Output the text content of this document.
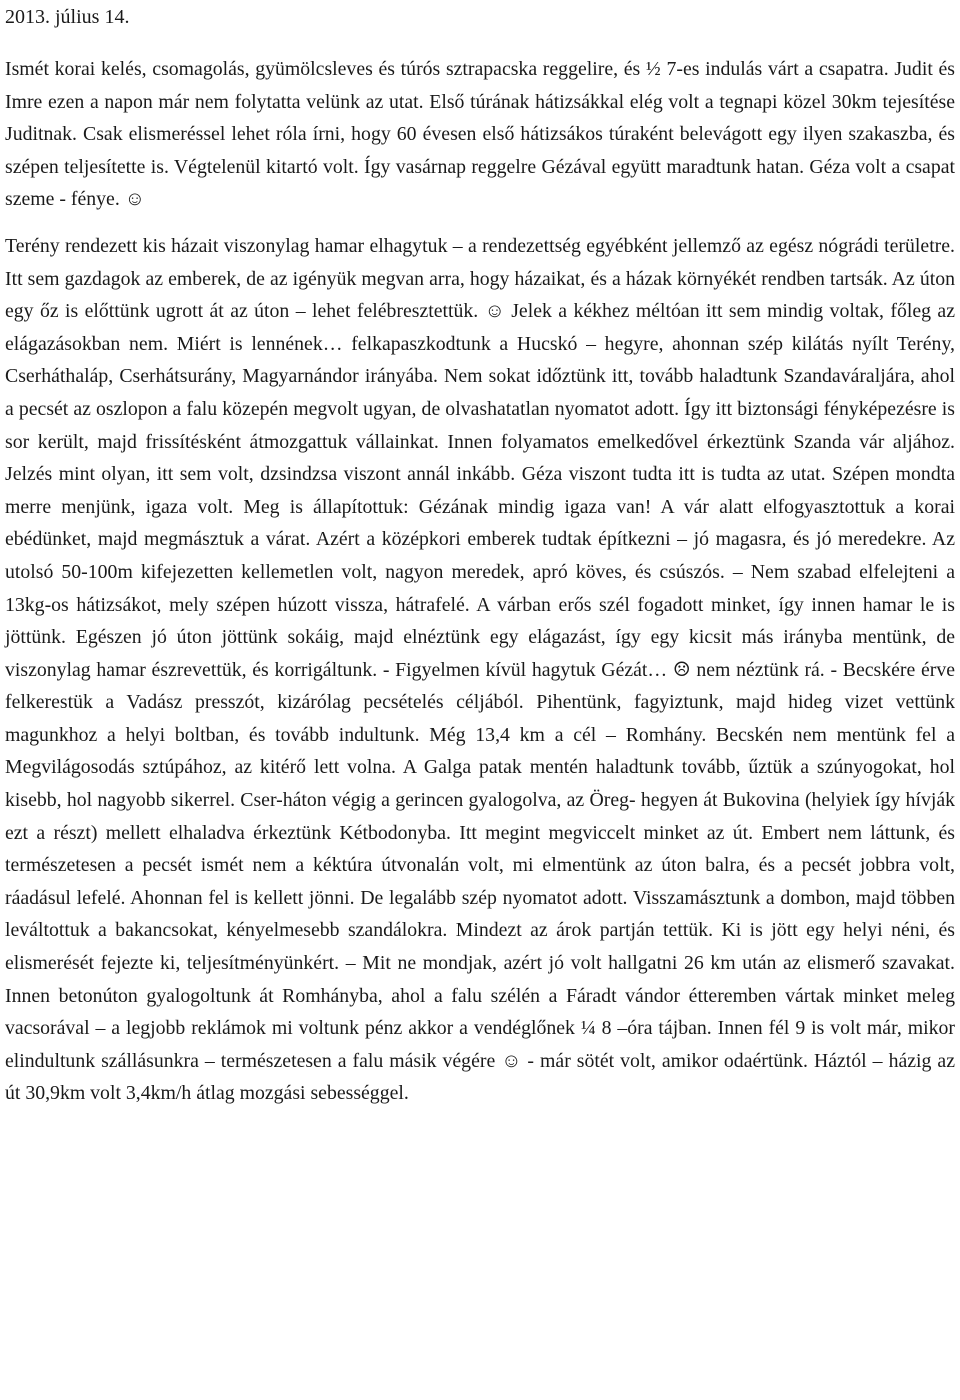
2013. július 14.

Ismét korai kelés, csomagolás, gyümölcsleves és túrós sztrapacska reggelire, és ½ 7-es indulás várt a csapatra. Judit és Imre ezen a napon már nem folytatta velünk az utat. Első túrának hátizsákkal elég volt a tegnapi közel 30km tejesítése Juditnak. Csak elismeréssel lehet róla írni, hogy 60 évesen első hátizsákos túraként belevágott egy ilyen szakaszba, és szépen teljesítette is. Végtelenül kitartó volt. Így vasárnap reggelre Gézával együtt maradtunk hatan. Géza volt a csapat szeme - fénye. ☺

Terény rendezett kis házait viszonylag hamar elhagytuk – a rendezettség egyébként jellemző az egész nógrádi területre. Itt sem gazdagok az emberek, de az igényük megvan arra, hogy házaikat, és a házak környékét rendben tartsák. Az úton egy őz is előttünk ugrott át az úton – lehet felébresztettük. ☺ Jelek a kékhez méltóan itt sem mindig voltak, főleg az elágazásokban nem. Miért is lennének… felkapaszkodtunk a Hucskó – hegyre, ahonnan szép kilátás nyílt Terény, Cserháthaláp, Cserhátsurány, Magyarnándor irányába. Nem sokat időztünk itt, tovább haladtunk Szandaváraljára, ahol a pecsét az oszlopon a falu közepén megvolt ugyan, de olvashatatlan nyomatot adott. Így itt biztonsági fényképezésre is sor került, majd frissítésként átmozgattuk vállainkat. Innen folyamatos emelkedővel érkeztünk Szanda vár aljához. Jelzés mint olyan, itt sem volt, dzsindzsa viszont annál inkább. Géza viszont tudta itt is tudta az utat. Szépen mondta merre menjünk, igaza volt. Meg is állapítottuk: Gézának mindig igaza van! A vár alatt elfogyasztottuk a korai ebédünket, majd megmásztuk a várat. Azért a középkori emberek tudtak építkezni – jó magasra, és jó meredekre. Az utolsó 50-100m kifejezetten kellemetlen volt, nagyon meredek, apró köves, és csúszós. – Nem szabad elfelejteni a 13kg-os hátizsákot, mely szépen húzott vissza, hátrafelé. A várban erős szél fogadott minket, így innen hamar le is jöttünk. Egészen jó úton jöttünk sokáig, majd elnéztünk egy elágazást, így egy kicsit más irányba mentünk, de viszonylag hamar észrevettük, és korrigáltunk. - Figyelmen kívül hagytuk Gézát… ☹ nem néztünk rá. - Becskére érve felkerestük a Vadász presszót, kizárólag pecsételés céljából. Pihentünk, fagyiztunk, majd hideg vizet vettünk magunkhoz a helyi boltban, és tovább indultunk. Még 13,4 km a cél – Romhány. Becskén nem mentünk fel a Megvilágosodás sztúpához, az kitérő lett volna. A Galga patak mentén haladtunk tovább, űztük a szúnyogokat, hol kisebb, hol nagyobb sikerrel. Cser-háton végig a gerincen gyalogolva, az Öreg- hegyen át Bukovina (helyiek így hívják ezt a részt) mellett elhaladva érkeztünk Kétbodonyba. Itt megint megviccelt minket az út. Embert nem láttunk, és természetesen a pecsét ismét nem a kéktúra útvonalán volt, mi elmentünk az úton balra, és a pecsét jobbra volt, ráadásul lefelé. Ahonnan fel is kellett jönni. De legalább szép nyomatot adott. Visszamásztunk a dombon, majd többen leváltottuk a bakancsokat, kényelmesebb szandálokra. Mindezt az árok partján tettük. Ki is jött egy helyi néni, és elismerését fejezte ki, teljesítményünkért. – Mit ne mondjak, azért jó volt hallgatni 26 km után az elismerő szavakat. Innen betonúton gyalogoltunk át Romhányba, ahol a falu szélén a Fáradt vándor étteremben vártak minket meleg vacsorával – a legjobb reklámok mi voltunk pénz akkor a vendéglőnek ¼ 8 –óra tájban. Innen fél 9 is volt már, mikor elindultunk szállásunkra – természetesen a falu másik végére ☺ - már sötét volt, amikor odaértünk. Háztól – házig az út 30,9km volt 3,4km/h átlag mozgási sebességgel.
